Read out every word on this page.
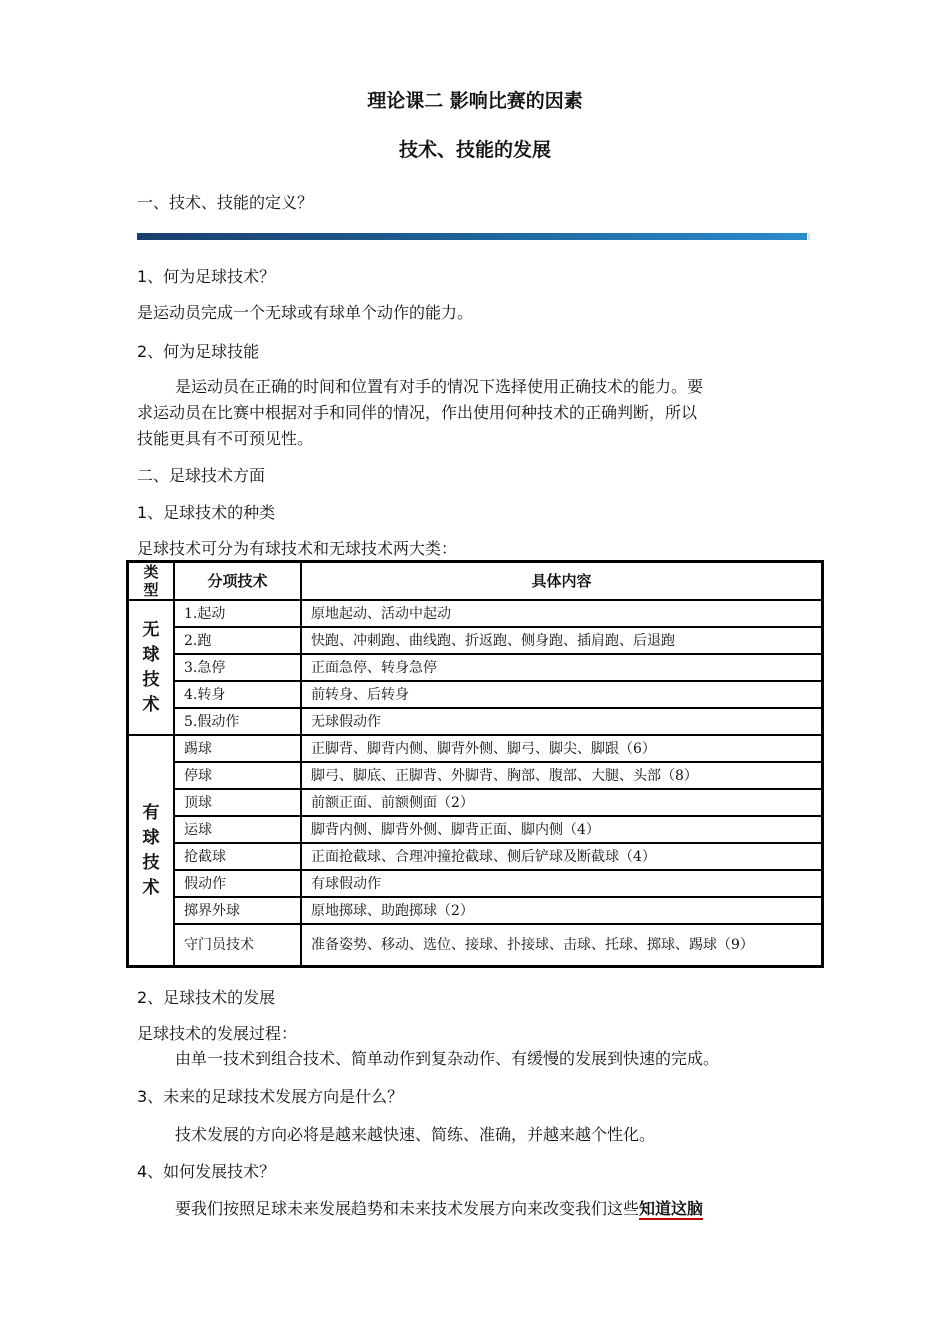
理论课二 影响比赛的因素
技术、技能的发展
一、技术、技能的定义？
1、何为足球技术？
是运动员完成一个无球或有球单个动作的能力。
2、何为足球技能
是运动员在正确的时间和位置有对手的情况下选择使用正确技术的能力。要
求运动员在比赛中根据对手和同伴的情况，作出使用何种技术的正确判断，所以
技能更具有不可预见性。
二、足球技术方面
1、足球技术的种类
足球技术可分为有球技术和无球技术两大类：
类型	分项技术	具体内容

无
球
技
术	1.起动	原地起动、活动中起动
	2.跑	快跑、冲刺跑、曲线跑、折返跑、侧身跑、插肩跑、后退跑
	3.急停	正面急停、转身急停
	4.转身	前转身、后转身
	5.假动作	无球假动作

有
球
技
术	踢球	正脚背、脚背内侧、脚背外侧、脚弓、脚尖、脚跟（6）
	停球	脚弓、脚底、正脚背、外脚背、胸部、腹部、大腿、头部（8）
	顶球	前额正面、前额侧面（2）
	运球	脚背内侧、脚背外侧、脚背正面、脚内侧（4）
	抢截球	正面抢截球、合理冲撞抢截球、侧后铲球及断截球（4）
	假动作	有球假动作
	掷界外球	原地掷球、助跑掷球（2）
	守门员技术	准备姿势、移动、选位、接球、扑接球、击球、托球、掷球、踢球（9）
2、足球技术的发展
足球技术的发展过程：
由单一技术到组合技术、简单动作到复杂动作、有缓慢的发展到快速的完成。
3、未来的足球技术发展方向是什么？
技术发展的方向必将是越来越快速、简练、准确，并越来越个性化。
4、如何发展技术？
要我们按照足球未来发展趋势和未来技术发展方向来改变我们这些知道这脑
